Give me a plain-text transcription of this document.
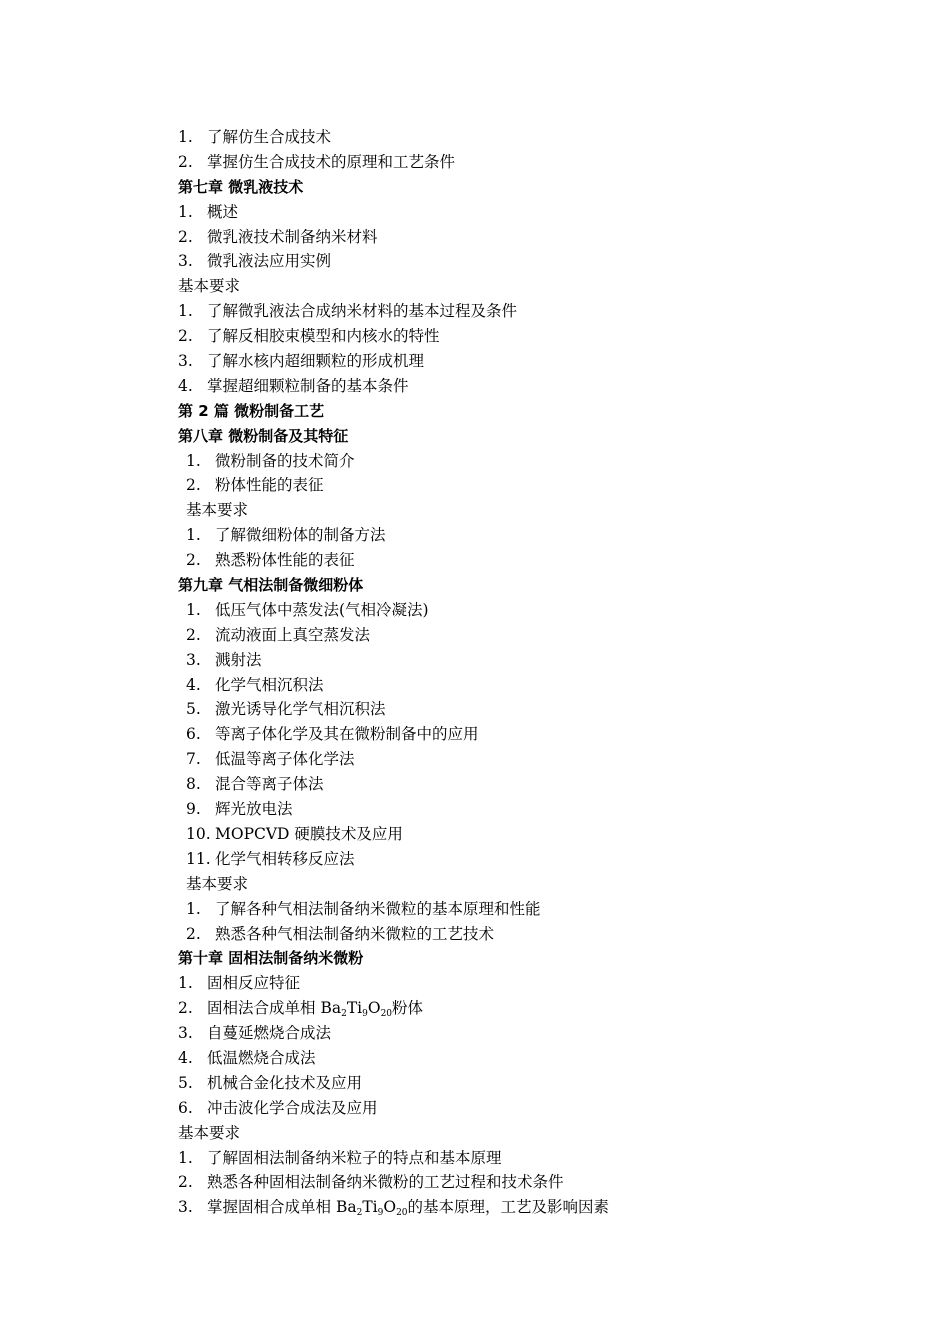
1. 了解仿生合成技术
2. 掌握仿生合成技术的原理和工艺条件
第七章 微乳液技术
1. 概述
2. 微乳液技术制备纳米材料
3. 微乳液法应用实例
基本要求
1. 了解微乳液法合成纳米材料的基本过程及条件
2. 了解反相胶束模型和内核水的特性
3. 了解水核内超细颗粒的形成机理
4. 掌握超细颗粒制备的基本条件
第 2 篇 微粉制备工艺
第八章 微粉制备及其特征
1. 微粉制备的技术简介
2. 粉体性能的表征
基本要求
1. 了解微细粉体的制备方法
2. 熟悉粉体性能的表征
第九章 气相法制备微细粉体
1. 低压气体中蒸发法(气相冷凝法)
2. 流动液面上真空蒸发法
3. 溅射法
4. 化学气相沉积法
5. 激光诱导化学气相沉积法
6. 等离子体化学及其在微粉制备中的应用
7. 低温等离子体化学法
8. 混合等离子体法
9. 辉光放电法
10. MOPCVD 硬膜技术及应用
11. 化学气相转移反应法
基本要求
1. 了解各种气相法制备纳米微粒的基本原理和性能
2. 熟悉各种气相法制备纳米微粒的工艺技术
第十章 固相法制备纳米微粉
1. 固相反应特征
2. 固相法合成单相 $Ba_2Ti_9O_{20}$粉体
3. 自蔓延燃烧合成法
4. 低温燃烧合成法
5. 机械合金化技术及应用
6. 冲击波化学合成法及应用
基本要求
1. 了解固相法制备纳米粒子的特点和基本原理
2. 熟悉各种固相法制备纳米微粉的工艺过程和技术条件
3. 掌握固相合成单相 $Ba_2Ti_9O_{20}$的基本原理，工艺及影响因素
